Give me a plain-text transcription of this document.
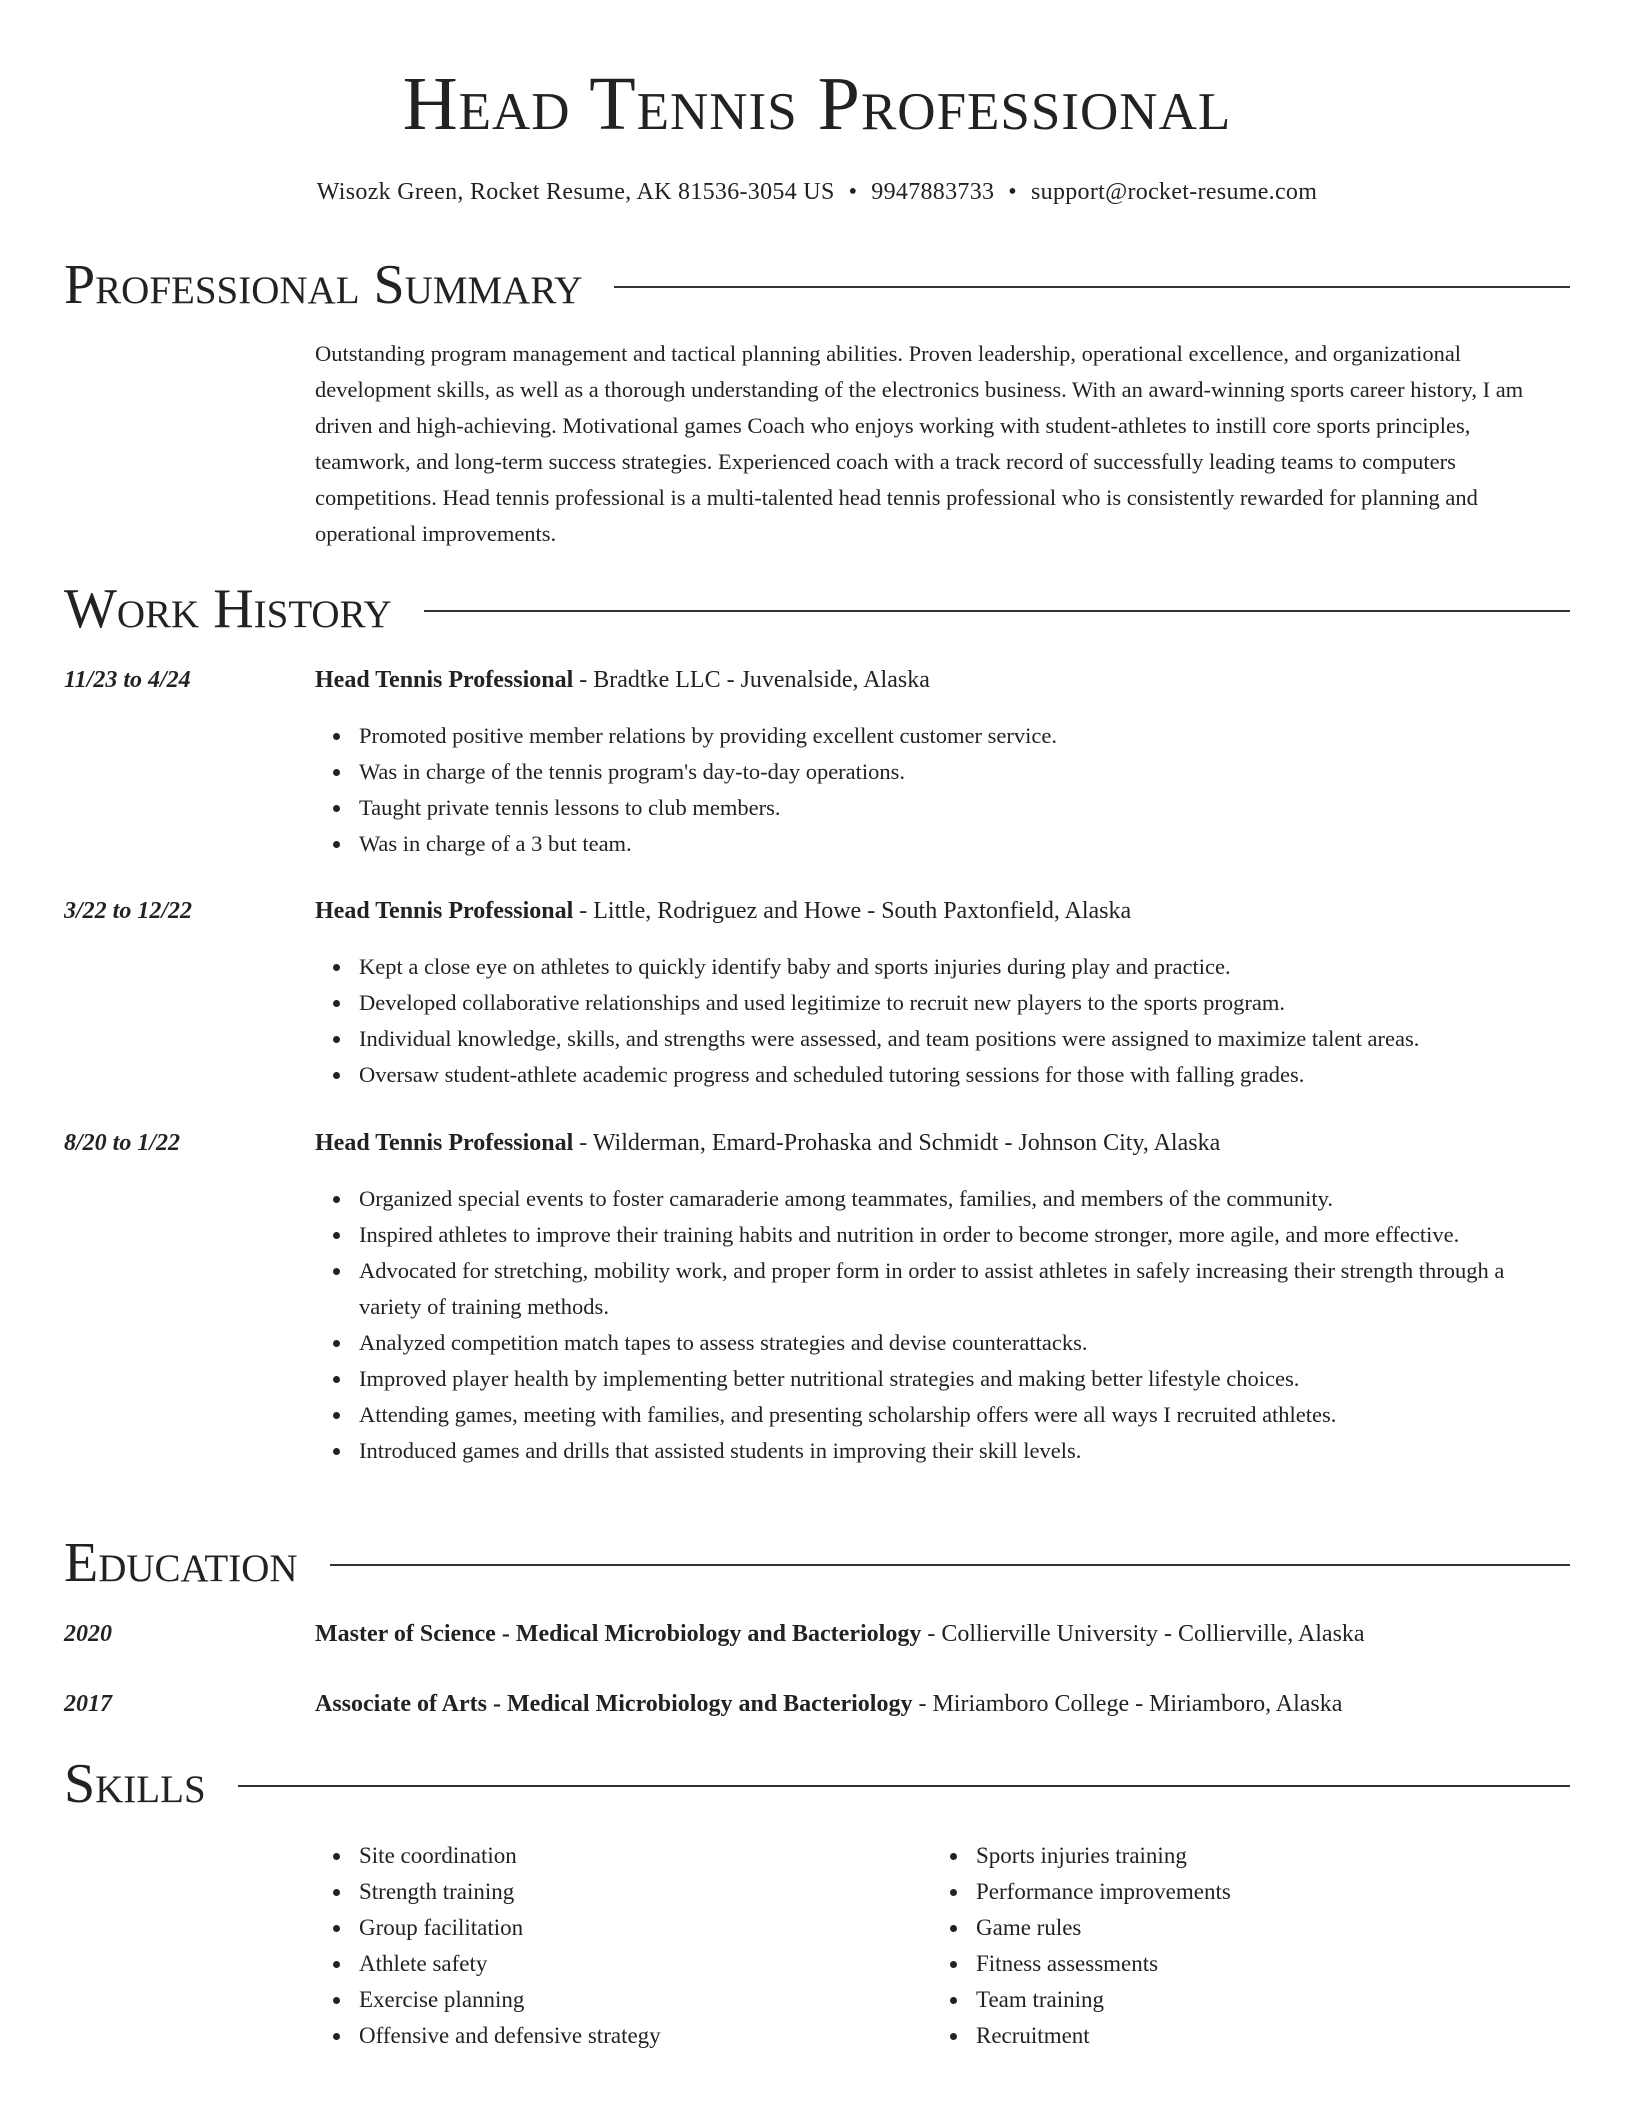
Head Tennis Professional
Wisozk Green, Rocket Resume, AK 81536-3054 US • 9947883733 • support@rocket-resume.com
Professional Summary
Outstanding program management and tactical planning abilities. Proven leadership, operational excellence, and organizational development skills, as well as a thorough understanding of the electronics business. With an award-winning sports career history, I am driven and high-achieving. Motivational games Coach who enjoys working with student-athletes to instill core sports principles, teamwork, and long-term success strategies. Experienced coach with a track record of successfully leading teams to computers competitions. Head tennis professional is a multi-talented head tennis professional who is consistently rewarded for planning and operational improvements.
Work History
11/23 to 4/24	Head Tennis Professional - Bradtke LLC - Juvenalside, Alaska
Promoted positive member relations by providing excellent customer service.
Was in charge of the tennis program's day-to-day operations.
Taught private tennis lessons to club members.
Was in charge of a 3 but team.
3/22 to 12/22	Head Tennis Professional - Little, Rodriguez and Howe - South Paxtonfield, Alaska
Kept a close eye on athletes to quickly identify baby and sports injuries during play and practice.
Developed collaborative relationships and used legitimize to recruit new players to the sports program.
Individual knowledge, skills, and strengths were assessed, and team positions were assigned to maximize talent areas.
Oversaw student-athlete academic progress and scheduled tutoring sessions for those with falling grades.
8/20 to 1/22	Head Tennis Professional - Wilderman, Emard-Prohaska and Schmidt - Johnson City, Alaska
Organized special events to foster camaraderie among teammates, families, and members of the community.
Inspired athletes to improve their training habits and nutrition in order to become stronger, more agile, and more effective.
Advocated for stretching, mobility work, and proper form in order to assist athletes in safely increasing their strength through a variety of training methods.
Analyzed competition match tapes to assess strategies and devise counterattacks.
Improved player health by implementing better nutritional strategies and making better lifestyle choices.
Attending games, meeting with families, and presenting scholarship offers were all ways I recruited athletes.
Introduced games and drills that assisted students in improving their skill levels.
Education
2020	Master of Science - Medical Microbiology and Bacteriology - Collierville University - Collierville, Alaska
2017	Associate of Arts - Medical Microbiology and Bacteriology - Miriamboro College - Miriamboro, Alaska
Skills
Site coordination
Strength training
Group facilitation
Athlete safety
Exercise planning
Offensive and defensive strategy
Sports injuries training
Performance improvements
Game rules
Fitness assessments
Team training
Recruitment
